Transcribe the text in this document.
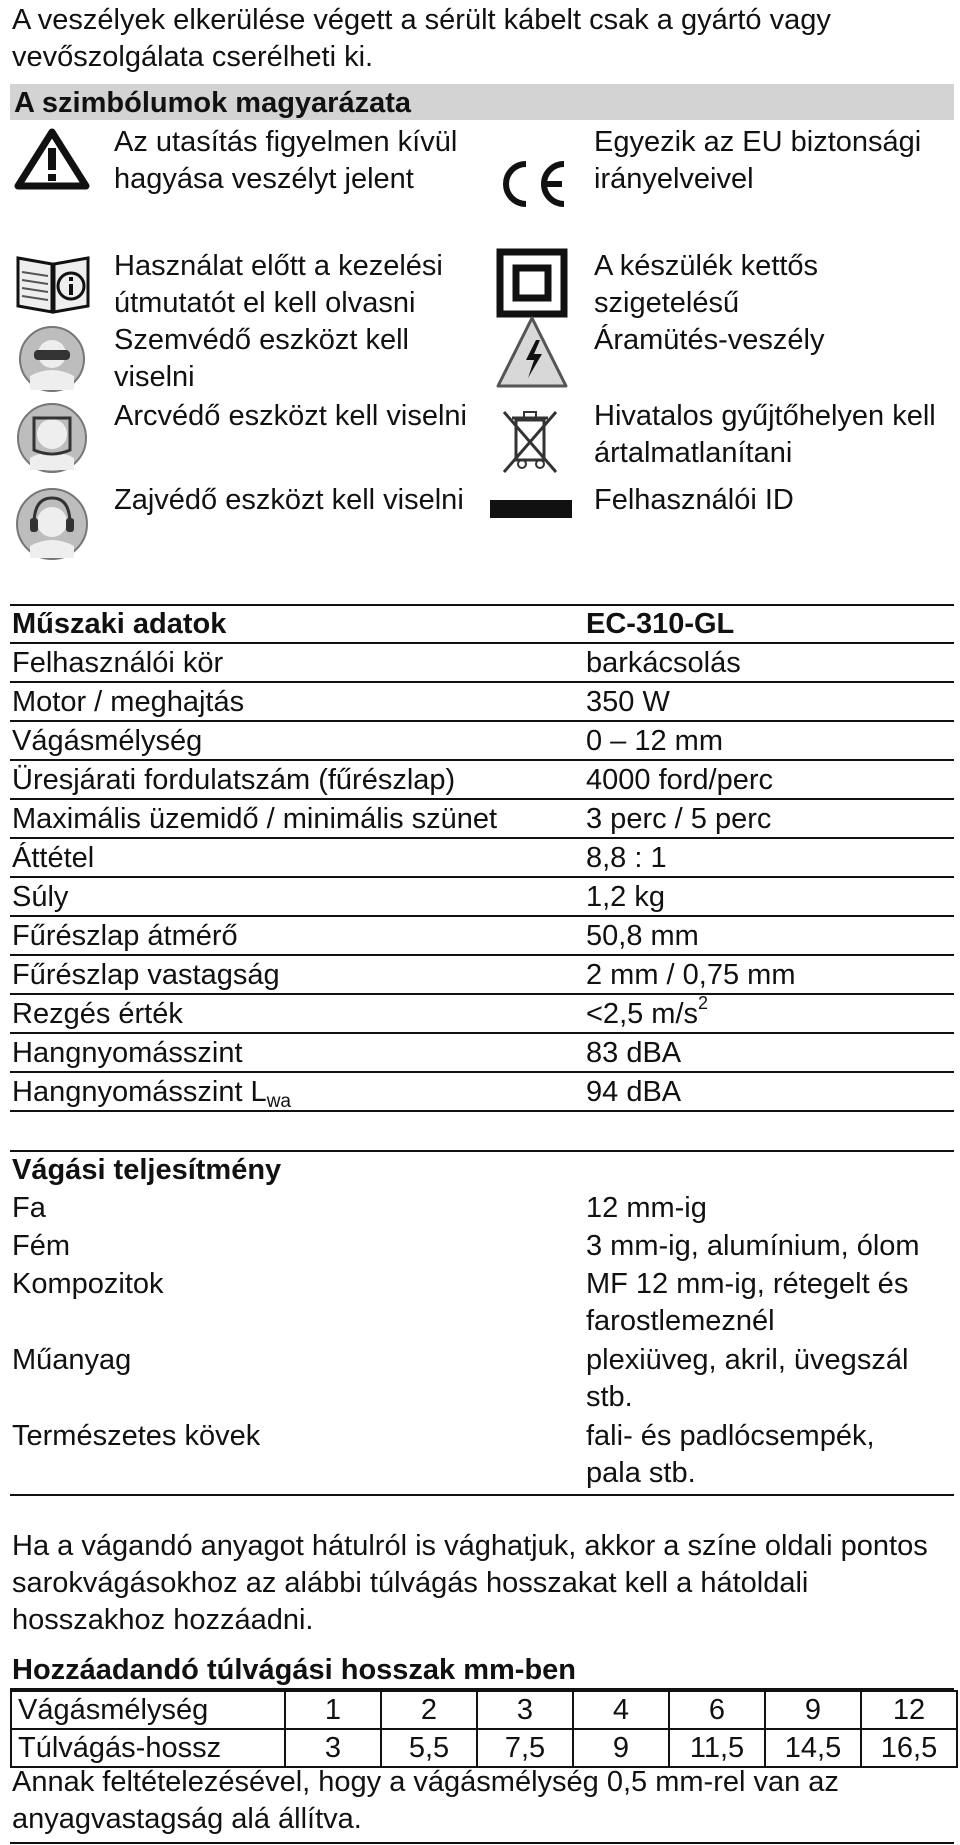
A veszélyek elkerülése végett a sérült kábelt csak a gyártó vagy vevőszolgálata cserélheti ki.
A szimbólumok magyarázata
Az utasítás figyelmen kívül hagyása veszélyt jelent
Használat előtt a kezelési útmutatót el kell olvasni
Szemvédő eszközt kell viselni
Arcvédő eszközt kell viselni
Zajvédő eszközt kell viselni
Egyezik az EU biztonsági irányelveivel
A készülék kettős szigetelésű
Áramütés-veszély
Hivatalos gyűjtőhelyen kell ártalmatlanítani
Felhasználói ID
Műszaki adatok	EC-310-GL
Felhasználói kör	barkácsolás
Motor / meghajtás	350 W
Vágásmélység	0 – 12 mm
Üresjárati fordulatszám (fűrészlap)	4000 ford/perc
Maximális üzemidő / minimális szünet	3 perc / 5 perc
Áttétel	8,8 : 1
Súly	1,2 kg
Fűrészlap átmérő	50,8 mm
Fűrészlap vastagság	2 mm / 0,75 mm
Rezgés érték	<2,5 $m/s^2$
Hangnyomásszint	83 dBA
Hangnyomásszint $L_{wa}$	94 dBA
Vágási teljesítmény
Fa	12 mm-ig
Fém	3 mm-ig, alumínium, ólom
Kompozitok	MF 12 mm-ig, rétegelt és
farostlemeznél
Műanyag	plexiüveg, akril, üvegszál
stb.
Természetes kövek	fali- és padlócsempék,
pala stb.
Ha a vágandó anyagot hátulról is vághatjuk, akkor a színe oldali pontos sarokvágásokhoz az alábbi túlvágás hosszakat kell a hátoldali hosszakhoz hozzáadni.
Hozzáadandó túlvágási hosszak mm-ben
Vágásmélység	1	2	3	4	6	9	12
Túlvágás-hossz	3	5,5	7,5	9	11,5	14,5	16,5
Annak feltételezésével, hogy a vágásmélység 0,5 mm-rel van az anyagvastagság alá állítva.
